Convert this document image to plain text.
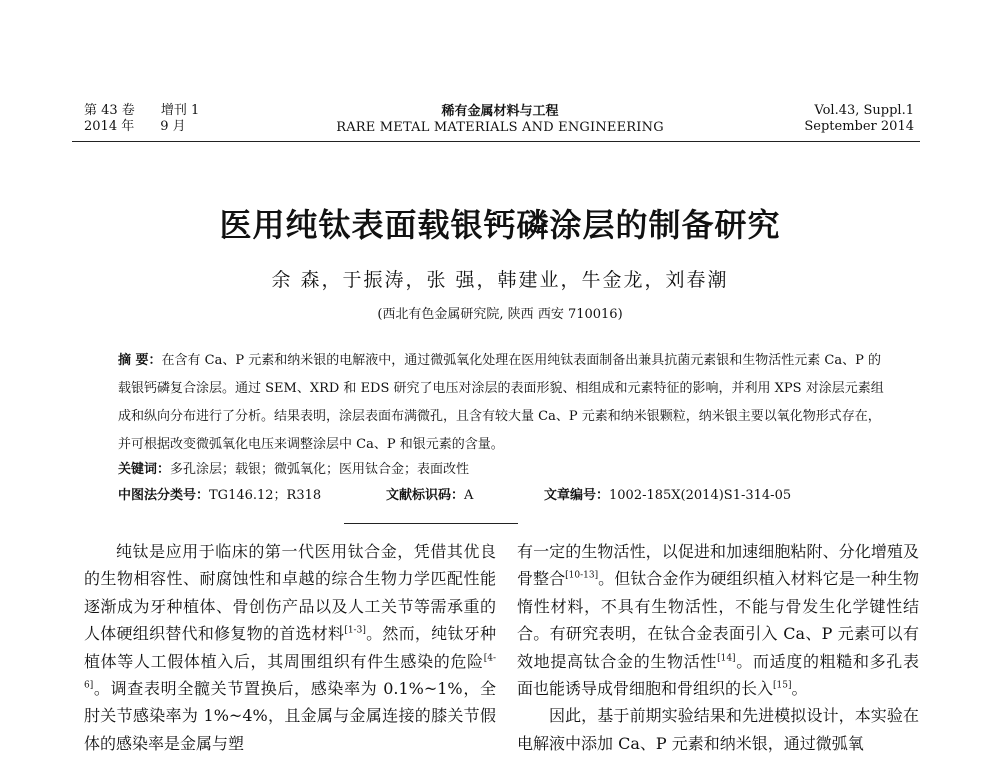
第 43 卷 增刊 1
2014 年 9 月
稀有金属材料与工程
RARE METAL MATERIALS AND ENGINEERING
Vol.43, Suppl.1
September 2014
医用纯钛表面载银钙磷涂层的制备研究
余 森，于振涛，张 强，韩建业，牛金龙，刘春潮
(西北有色金属研究院, 陕西 西安 710016)
摘 要：在含有 Ca、P 元素和纳米银的电解液中，通过微弧氧化处理在医用纯钛表面制备出兼具抗菌元素银和生物活性元素 Ca、P 的载银钙磷复合涂层。通过 SEM、XRD 和 EDS 研究了电压对涂层的表面形貌、相组成和元素特征的影响，并利用 XPS 对涂层元素组成和纵向分布进行了分析。结果表明，涂层表面布满微孔，且含有较大量 Ca、P 元素和纳米银颗粒，纳米银主要以氧化物形式存在，并可根据改变微弧氧化电压来调整涂层中 Ca、P 和银元素的含量。
关键词：多孔涂层；载银；微弧氧化；医用钛合金；表面改性
中图法分类号：TG146.12；R318	文献标识码：A	文章编号：1002-185X(2014)S1-314-05

纯钛是应用于临床的第一代医用钛合金，凭借其优良的生物相容性、耐腐蚀性和卓越的综合生物力学匹配性能逐渐成为牙种植体、骨创伤产品以及人工关节等需承重的人体硬组织替代和修复物的首选材料[1-3]。然而，纯钛牙种植体等人工假体植入后，其周围组织有件生感染的危险[4-6]。调查表明全髋关节置换后，感染率为 0.1%~1%，全肘关节感染率为 1%~4%，且金属与金属连接的膝关节假体的感染率是金属与塑

有一定的生物活性，以促进和加速细胞粘附、分化增殖及骨整合[10-13]。但钛合金作为硬组织植入材料它是一种生物惰性材料，不具有生物活性，不能与骨发生化学键性结合。有研究表明，在钛合金表面引入 Ca、P 元素可以有效地提高钛合金的生物活性[14]。而适度的粗糙和多孔表面也能诱导成骨细胞和骨组织的长入[15]。

因此，基于前期实验结果和先进模拟设计，本实验在电解液中添加 Ca、P 元素和纳米银，通过微弧氧
